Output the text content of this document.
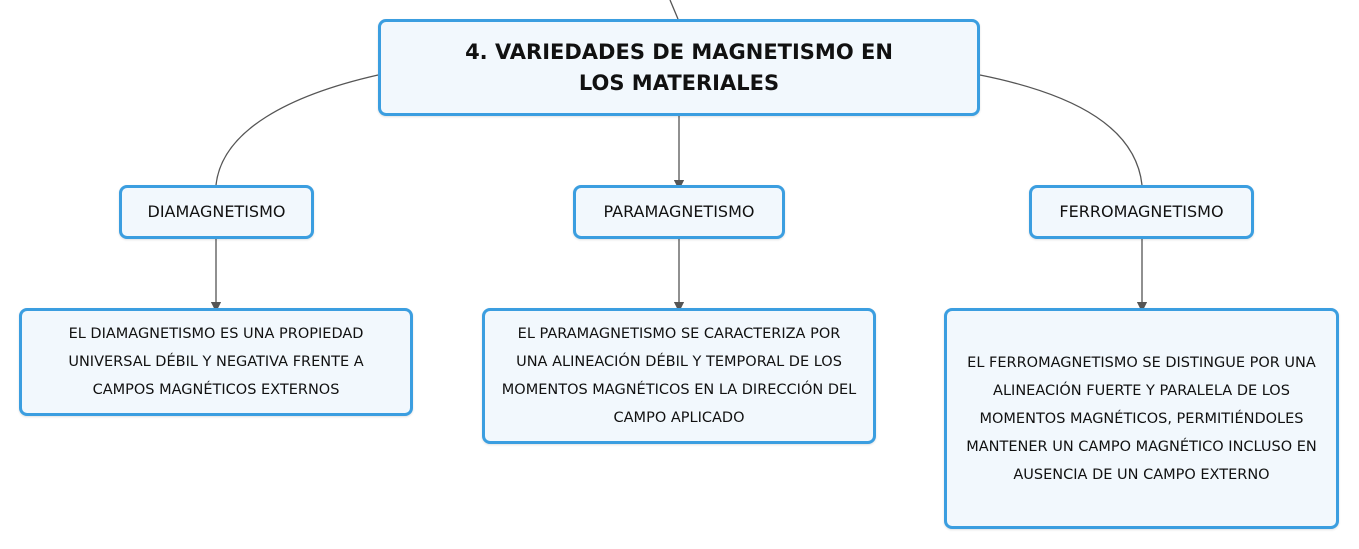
4. VARIEDADES DE MAGNETISMO EN LOS MATERIALES
DIAMAGNETISMO	PARAMAGNETISMO	FERROMAGNETISMO
EL DIAMAGNETISMO ES UNA PROPIEDAD UNIVERSAL DÉBIL Y NEGATIVA FRENTE A CAMPOS MAGNÉTICOS EXTERNOS
EL PARAMAGNETISMO SE CARACTERIZA POR UNA ALINEACIÓN DÉBIL Y TEMPORAL DE LOS MOMENTOS MAGNÉTICOS EN LA DIRECCIÓN DEL CAMPO APLICADO
EL FERROMAGNETISMO SE DISTINGUE POR UNA ALINEACIÓN FUERTE Y PARALELA DE LOS MOMENTOS MAGNÉTICOS, PERMITIÉNDOLES MANTENER UN CAMPO MAGNÉTICO INCLUSO EN AUSENCIA DE UN CAMPO EXTERNO
